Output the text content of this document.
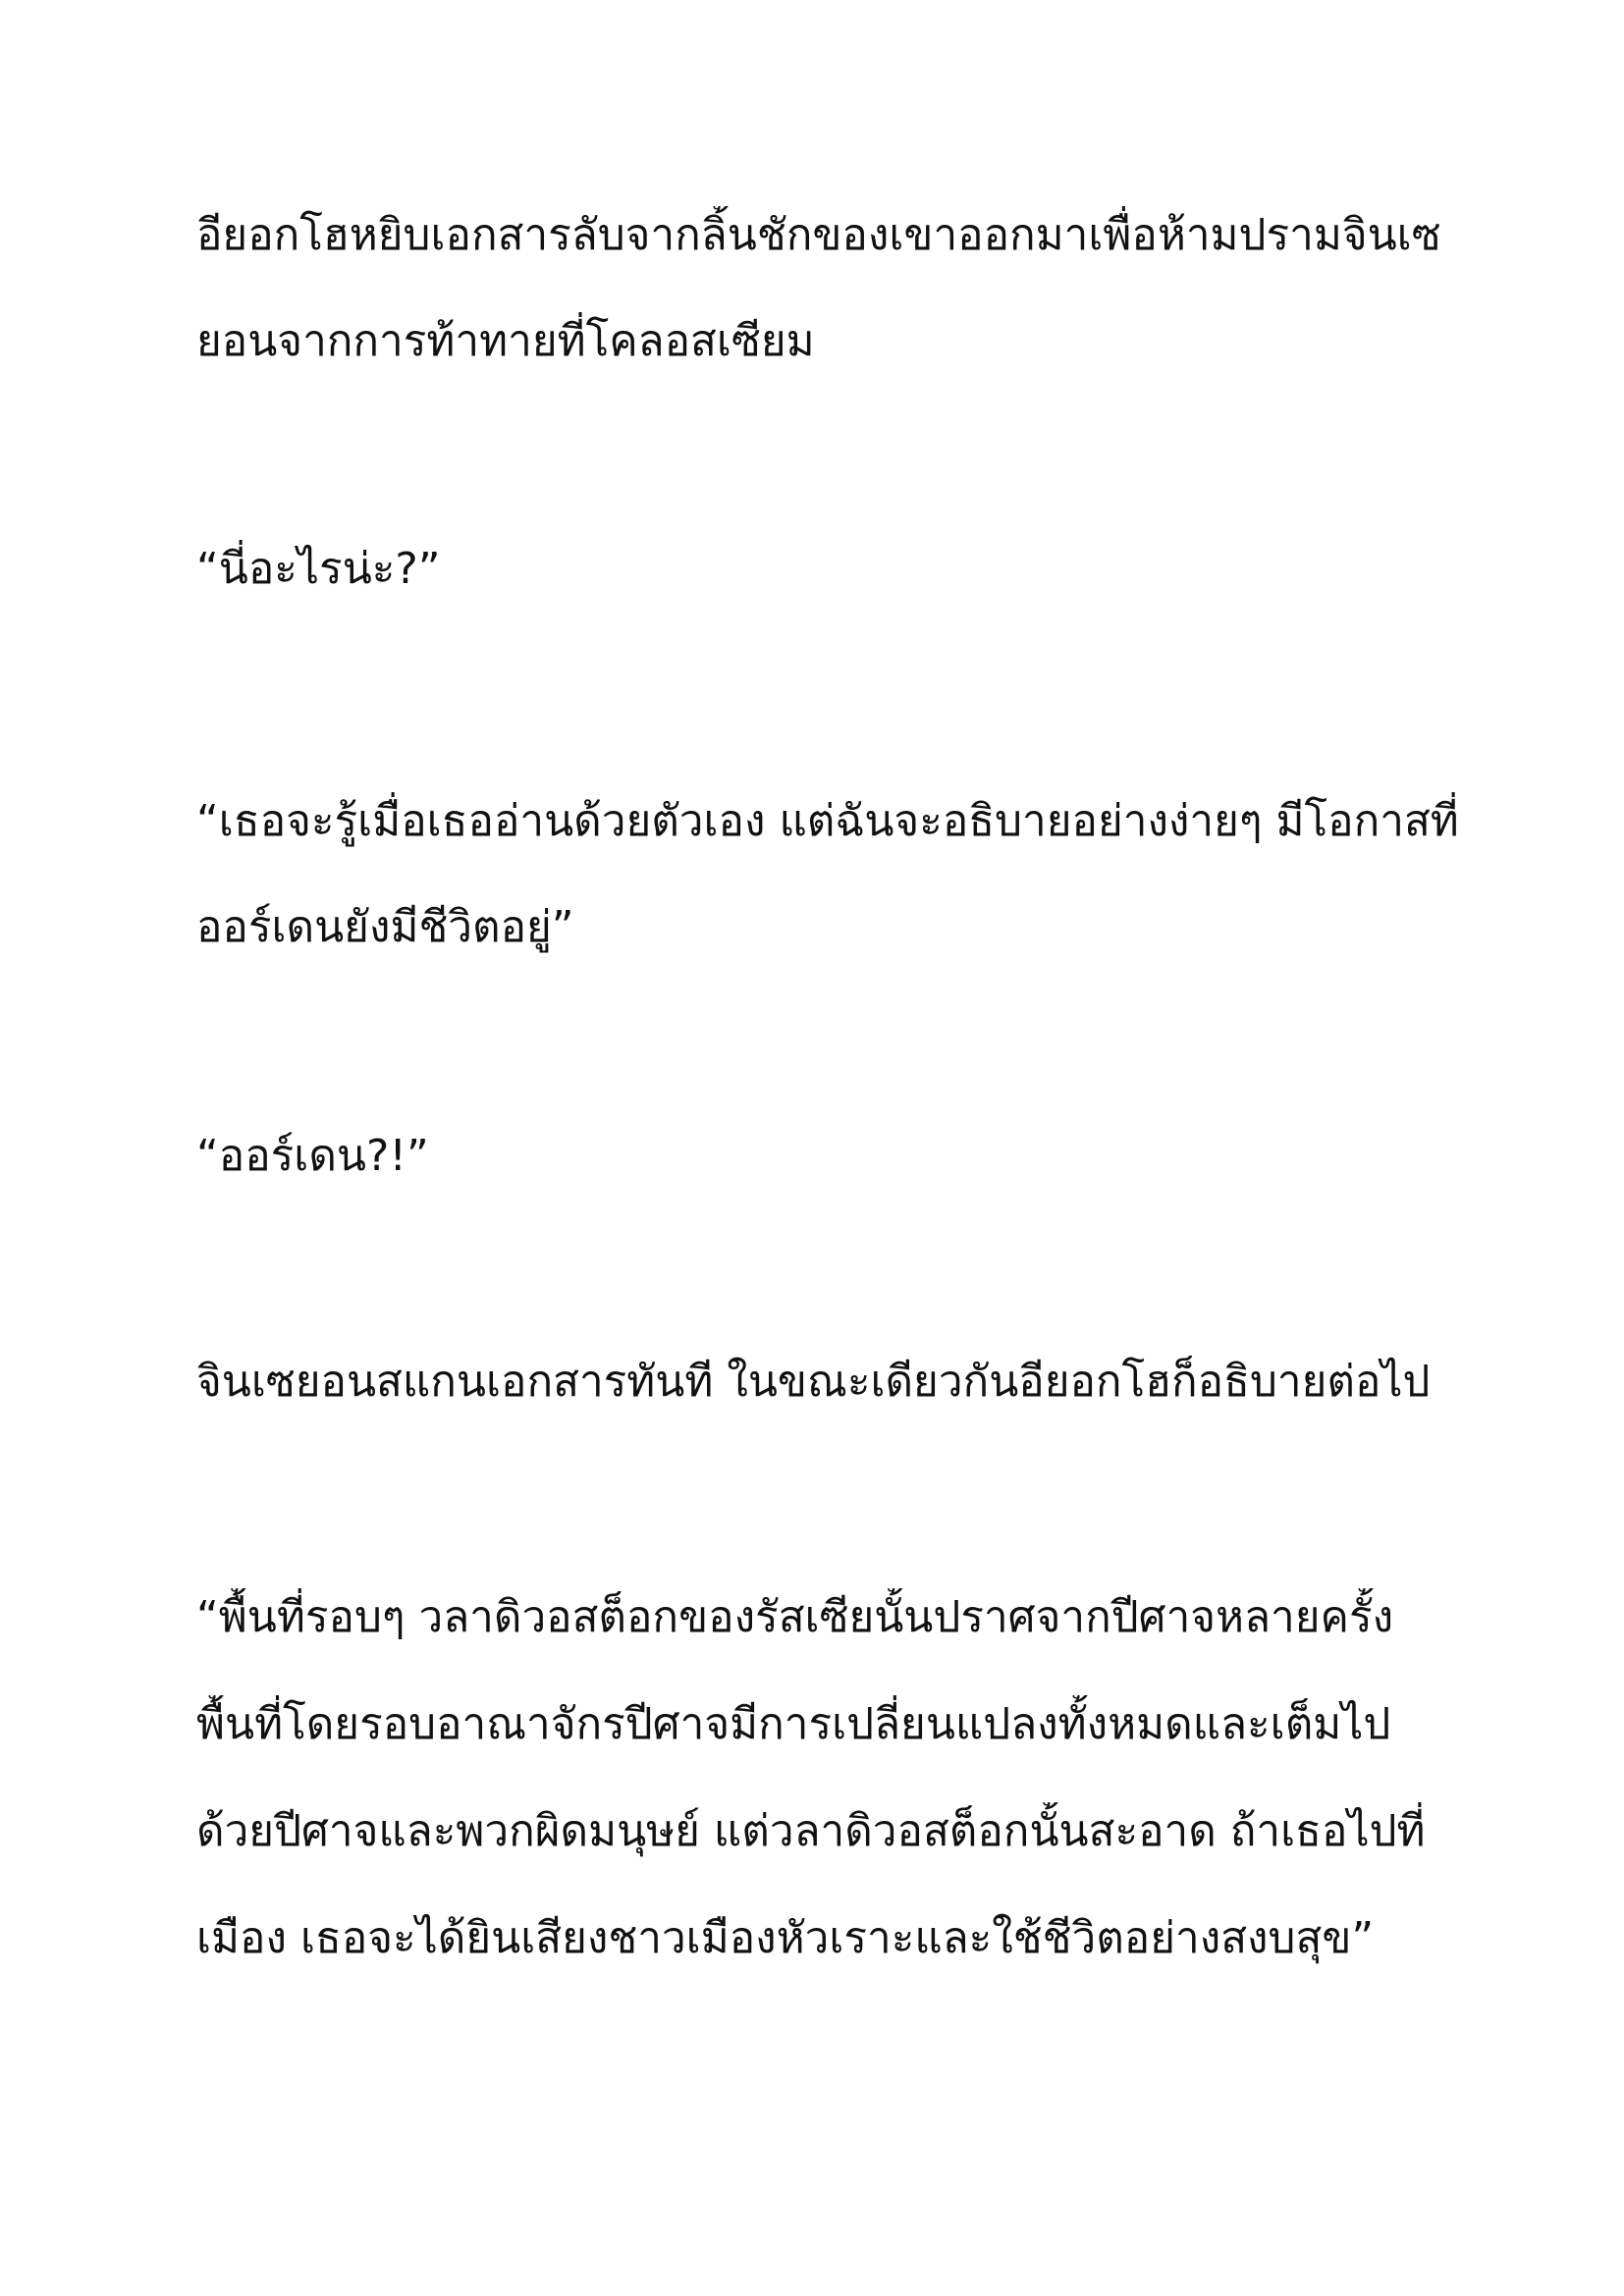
อียอกโฮหยิบเอกสารลับจากลิ้นชักของเขาออกมาเพื่อห้ามปรามจินเซ
ยอนจากการท้าทายที่โคลอสเซียม
“นี่อะไรน่ะ?”
“เธอจะรู้เมื่อเธออ่านด้วยตัวเอง แต่ฉันจะอธิบายอย่างง่ายๆ มีโอกาสที่
ออร์เดนยังมีชีวิตอยู่”
“ออร์เดน?!”
จินเซยอนสแกนเอกสารทันที ในขณะเดียวกันอียอกโฮก็อธิบายต่อไป
“พื้นที่รอบๆ วลาดิวอสต็อกของรัสเซียนั้นปราศจากปีศาจหลายครั้ง
พื้นที่โดยรอบอาณาจักรปีศาจมีการเปลี่ยนแปลงทั้งหมดและเต็มไป
ด้วยปีศาจและพวกผิดมนุษย์ แต่วลาดิวอสต็อกนั้นสะอาด ถ้าเธอไปที่
เมือง เธอจะได้ยินเสียงชาวเมืองหัวเราะและใช้ชีวิตอย่างสงบสุข”
